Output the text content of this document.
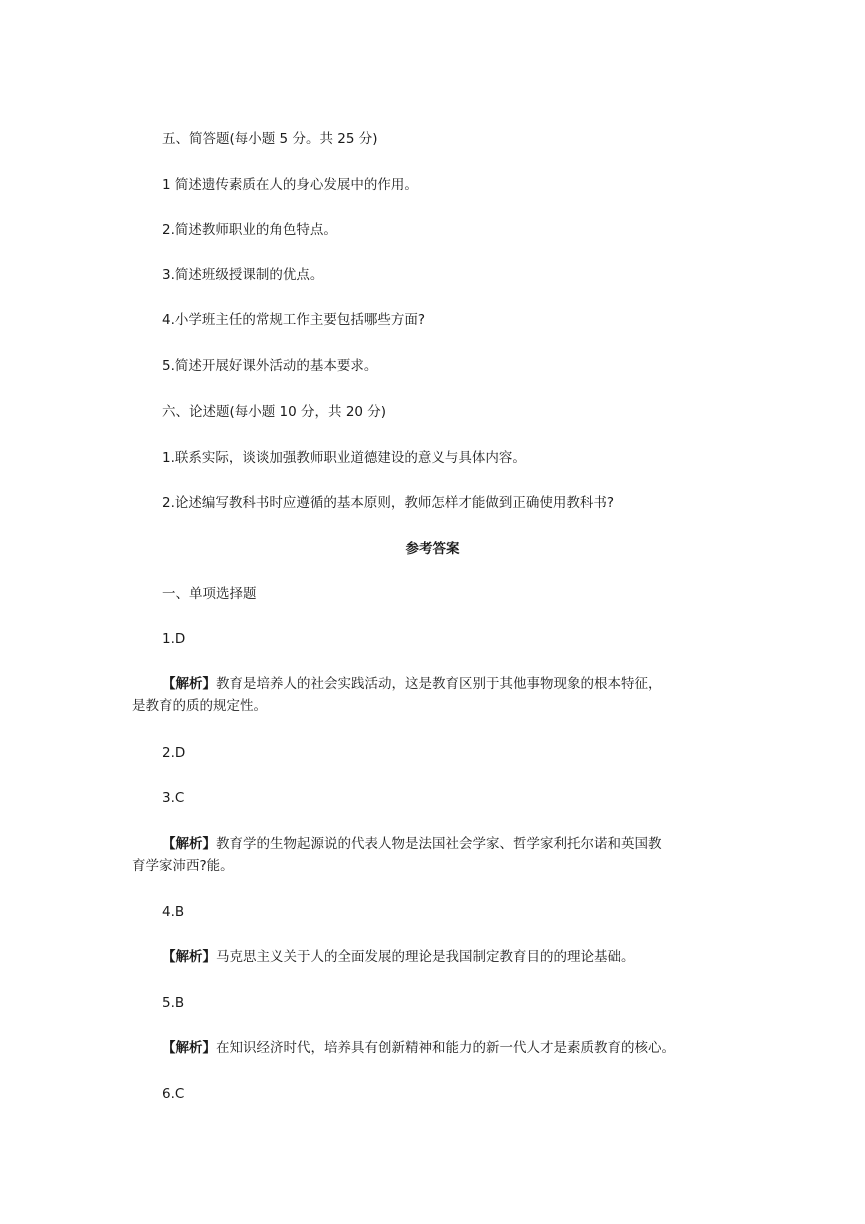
五、简答题(每小题 5 分。共 25 分)
1 简述遗传素质在人的身心发展中的作用。
2.简述教师职业的角色特点。
3.简述班级授课制的优点。
4.小学班主任的常规工作主要包括哪些方面?
5.简述开展好课外活动的基本要求。
六、论述题(每小题 10 分，共 20 分)
1.联系实际，谈谈加强教师职业道德建设的意义与具体内容。
2.论述编写教科书时应遵循的基本原则，教师怎样才能做到正确使用教科书?
参考答案
一、单项选择题
1.D
【解析】教育是培养人的社会实践活动，这是教育区别于其他事物现象的根本特征，
是教育的质的规定性。
2.D
3.C
【解析】教育学的生物起源说的代表人物是法国社会学家、哲学家利托尔诺和英国教
育学家沛西?能。
4.B
【解析】马克思主义关于人的全面发展的理论是我国制定教育目的的理论基础。
5.B
【解析】在知识经济时代，培养具有创新精神和能力的新一代人才是素质教育的核心。
6.C
